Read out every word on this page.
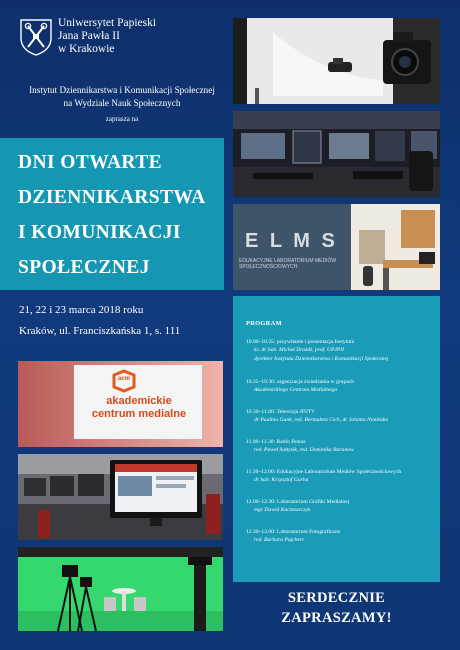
Uniwersytet Papieski
Jana Pawła II
w Krakowie
Instytut Dziennikarstwa i Komunikacji Społecznej
na Wydziale Nauk Społecznych
zaprasza na
DNI OTWARTE
DZIENNIKARSTWA
I KOMUNIKACJI
SPOŁECZNEJ
21, 22 i 23 marca 2018 roku
Kraków, ul. Franciszkańska 1, s. 111
E L M S
EDUKACYJNE LABORATORIUM MEDIÓW SPOŁECZNOŚCIOWYCH
PROGRAM
10.00–10.25: przywitanie i prezentacja Instytutu
ks. dr hab. Michał Drożdż, prof. UPJPII
dyrektor Instytutu Dziennikarstwa i Komunikacji Społecznej
10.25–10.30: organizacja zwiedzania w grupach
Akademickiego Centrum Medialnego
10.30–11.00: Telewizja JP2TV
dr Paulina Gunk, red. Bernadeta Cich, dr Jolanta Nimińska
11.00–11.30: Radio Bonus
red. Paweł Sołtysik, red. Dominika Baranow
11.30–12.00: Edukacyjne Laboratorium Mediów Społecznościowych
dr hab. Krzysztof Gurba
12.00–12.30: Laboratorium Grafiki Medialnej
mgr Dawid Kaczmarczyk
12.30–13.00: Laboratorium Fotograficzne
red. Barbara Pajchert
SERDECZNIE
ZAPRASZAMY!
acm
akademickie
centrum medialne
